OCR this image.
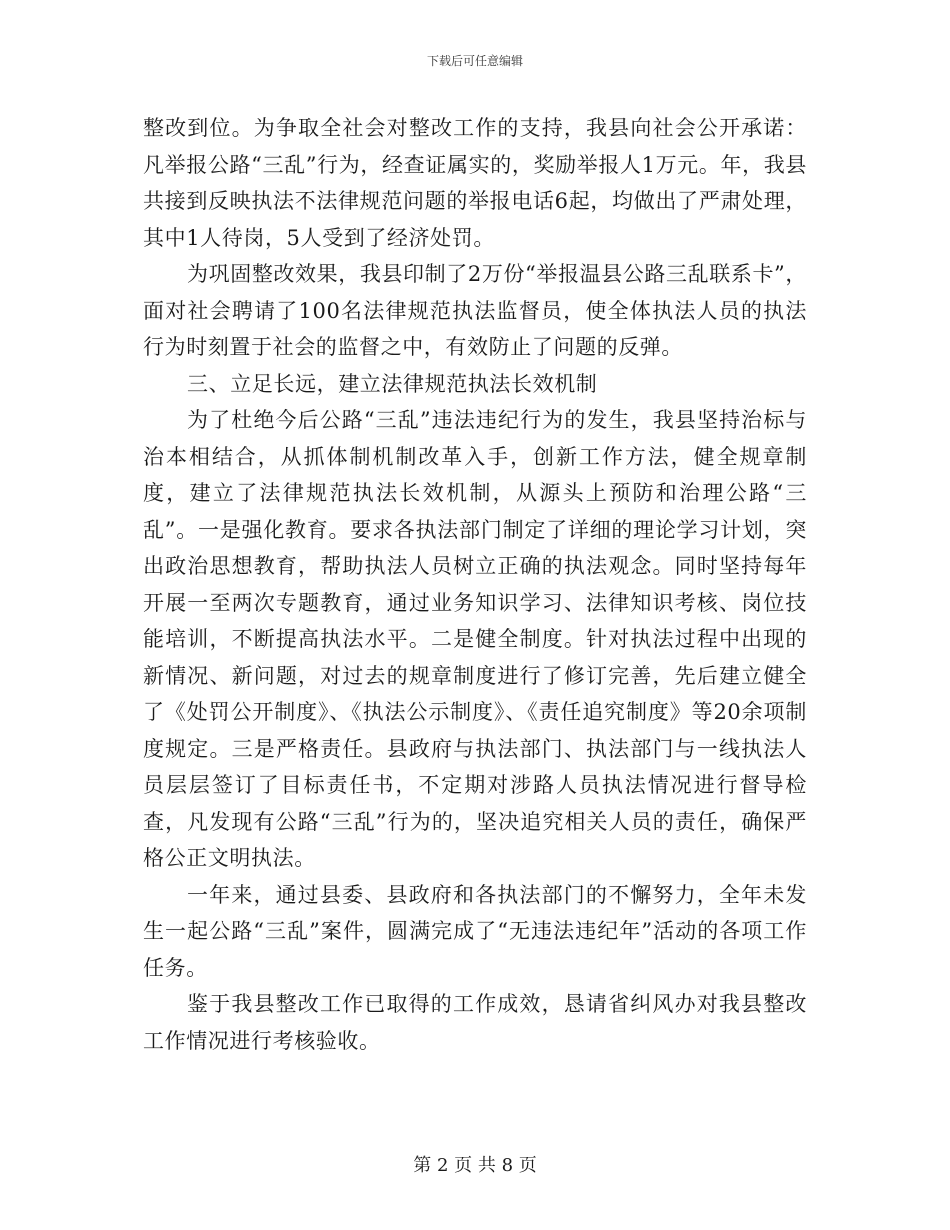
下载后可任意编辑

整改到位。为争取全社会对整改工作的支持，我县向社会公开承诺：凡举报公路“三乱”行为，经查证属实的，奖励举报人1万元。年，我县共接到反映执法不法律规范问题的举报电话6起，均做出了严肃处理，其中1人待岗，5人受到了经济处罚。

为巩固整改效果，我县印制了2万份“举报温县公路三乱联系卡”，面对社会聘请了100名法律规范执法监督员，使全体执法人员的执法行为时刻置于社会的监督之中，有效防止了问题的反弹。

三、立足长远，建立法律规范执法长效机制

为了杜绝今后公路“三乱”违法违纪行为的发生，我县坚持治标与治本相结合，从抓体制机制改革入手，创新工作方法，健全规章制度，建立了法律规范执法长效机制，从源头上预防和治理公路“三乱”。一是强化教育。要求各执法部门制定了详细的理论学习计划，突出政治思想教育，帮助执法人员树立正确的执法观念。同时坚持每年开展一至两次专题教育，通过业务知识学习、法律知识考核、岗位技能培训，不断提高执法水平。二是健全制度。针对执法过程中出现的新情况、新问题，对过去的规章制度进行了修订完善，先后建立健全了《处罚公开制度》、《执法公示制度》、《责任追究制度》等20余项制度规定。三是严格责任。县政府与执法部门、执法部门与一线执法人员层层签订了目标责任书，不定期对涉路人员执法情况进行督导检查，凡发现有公路“三乱”行为的，坚决追究相关人员的责任，确保严格公正文明执法。

一年来，通过县委、县政府和各执法部门的不懈努力，全年未发生一起公路“三乱”案件，圆满完成了“无违法违纪年”活动的各项工作任务。

鉴于我县整改工作已取得的工作成效，恳请省纠风办对我县整改工作情况进行考核验收。

第 2 页 共 8 页
